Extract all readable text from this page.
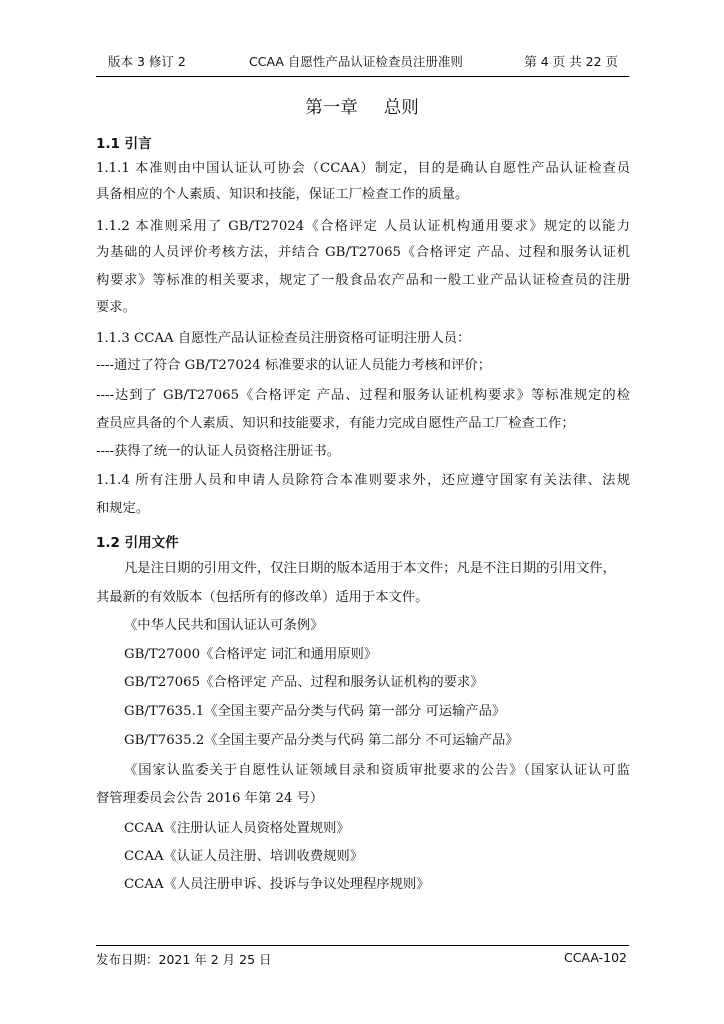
版本 3 修订 2	CCAA 自愿性产品认证检查员注册准则	第 4 页 共 22 页
第一章 总则
1.1 引言
1.1.1 本准则由中国认证认可协会（CCAA）制定，目的是确认自愿性产品认证检查员
具备相应的个人素质、知识和技能，保证工厂检查工作的质量。
1.1.2 本准则采用了 GB/T27024《合格评定 人员认证机构通用要求》规定的以能力
为基础的人员评价考核方法，并结合 GB/T27065《合格评定 产品、过程和服务认证机
构要求》等标准的相关要求，规定了一般食品农产品和一般工业产品认证检查员的注册
要求。
1.1.3 CCAA 自愿性产品认证检查员注册资格可证明注册人员：
----通过了符合 GB/T27024 标准要求的认证人员能力考核和评价；
----达到了 GB/T27065《合格评定 产品、过程和服务认证机构要求》等标准规定的检
查员应具备的个人素质、知识和技能要求，有能力完成自愿性产品工厂检查工作；
----获得了统一的认证人员资格注册证书。
1.1.4 所有注册人员和申请人员除符合本准则要求外，还应遵守国家有关法律、法规
和规定。
1.2 引用文件
凡是注日期的引用文件，仅注日期的版本适用于本文件；凡是不注日期的引用文件，
其最新的有效版本（包括所有的修改单）适用于本文件。
《中华人民共和国认证认可条例》
GB/T27000《合格评定 词汇和通用原则》
GB/T27065《合格评定 产品、过程和服务认证机构的要求》
GB/T7635.1《全国主要产品分类与代码 第一部分 可运输产品》
GB/T7635.2《全国主要产品分类与代码 第二部分 不可运输产品》
《国家认监委关于自愿性认证领域目录和资质审批要求的公告》（国家认证认可监
督管理委员会公告 2016 年第 24 号）
CCAA《注册认证人员资格处置规则》
CCAA《认证人员注册、培训收费规则》
CCAA《人员注册申诉、投诉与争议处理程序规则》
发布日期：2021 年 2 月 25 日	CCAA-102
